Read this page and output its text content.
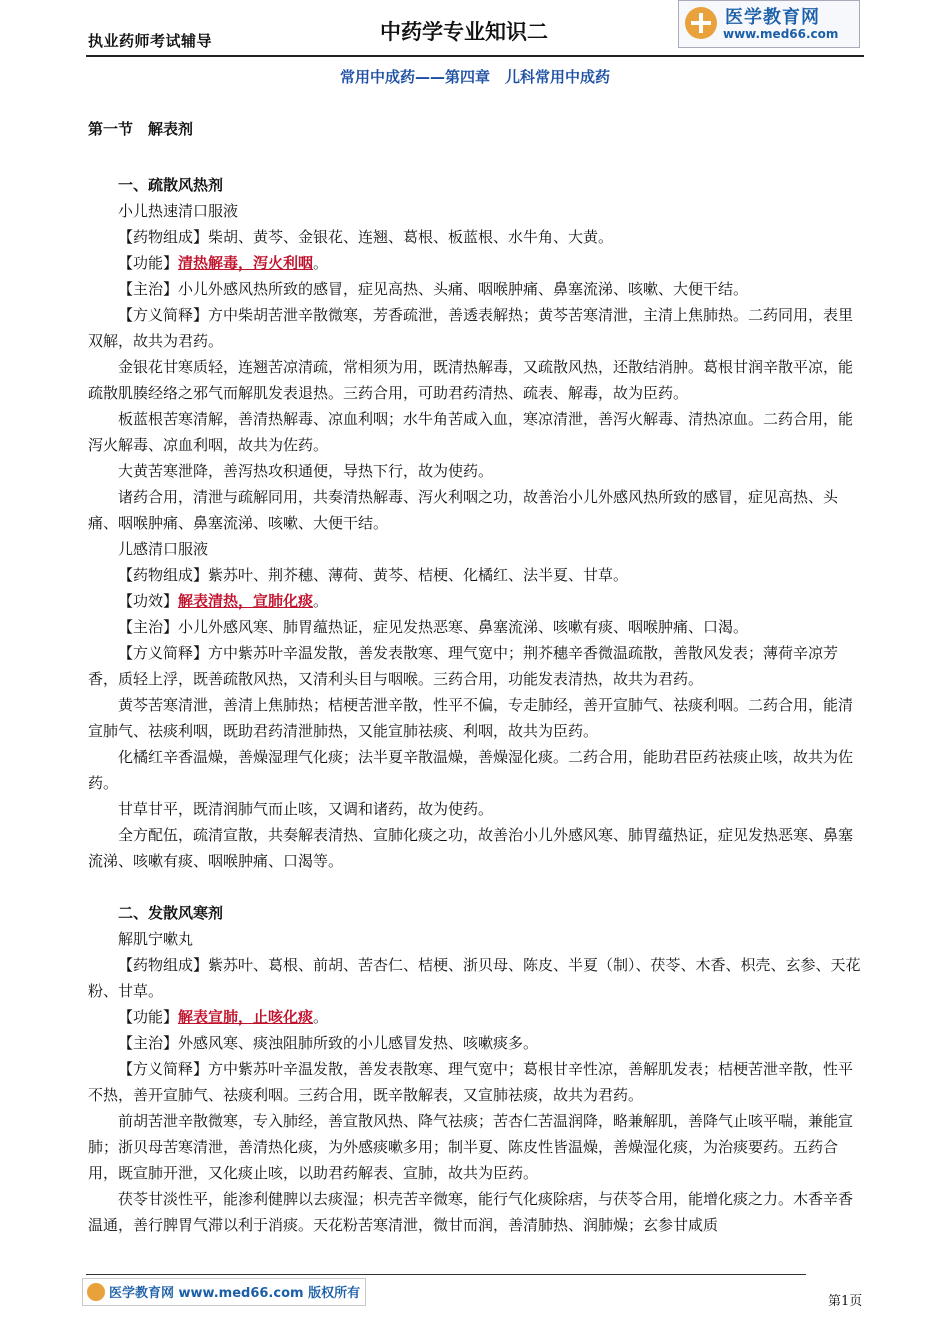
执业药师考试辅导	中药学专业知识二
医学教育网
www.med66.com
常用中成药——第四章　儿科常用中成药

第一节　解表剂

一、疏散风热剂

小儿热速清口服液

【药物组成】柴胡、黄芩、金银花、连翘、葛根、板蓝根、水牛角、大黄。

【功能】清热解毒，泻火利咽。

【主治】小儿外感风热所致的感冒，症见高热、头痛、咽喉肿痛、鼻塞流涕、咳嗽、大便干结。

【方义简释】方中柴胡苦泄辛散微寒，芳香疏泄，善透表解热；黄芩苦寒清泄，主清上焦肺热。二药同用，表里双解，故共为君药。

金银花甘寒质轻，连翘苦凉清疏，常相须为用，既清热解毒，又疏散风热，还散结消肿。葛根甘润辛散平凉，能疏散肌腠经络之邪气而解肌发表退热。三药合用，可助君药清热、疏表、解毒，故为臣药。

板蓝根苦寒清解，善清热解毒、凉血利咽；水牛角苦咸入血，寒凉清泄，善泻火解毒、清热凉血。二药合用，能泻火解毒、凉血利咽，故共为佐药。

大黄苦寒泄降，善泻热攻积通便，导热下行，故为使药。

诸药合用，清泄与疏解同用，共奏清热解毒、泻火利咽之功，故善治小儿外感风热所致的感冒，症见高热、头痛、咽喉肿痛、鼻塞流涕、咳嗽、大便干结。

儿感清口服液

【药物组成】紫苏叶、荆芥穗、薄荷、黄芩、桔梗、化橘红、法半夏、甘草。

【功效】解表清热，宣肺化痰。

【主治】小儿外感风寒、肺胃蕴热证，症见发热恶寒、鼻塞流涕、咳嗽有痰、咽喉肿痛、口渴。

【方义简释】方中紫苏叶辛温发散，善发表散寒、理气宽中；荆芥穗辛香微温疏散，善散风发表；薄荷辛凉芳香，质轻上浮，既善疏散风热，又清利头目与咽喉。三药合用，功能发表清热，故共为君药。

黄芩苦寒清泄，善清上焦肺热；桔梗苦泄辛散，性平不偏，专走肺经，善开宣肺气、祛痰利咽。二药合用，能清宣肺气、祛痰利咽，既助君药清泄肺热，又能宣肺祛痰、利咽，故共为臣药。

化橘红辛香温燥，善燥湿理气化痰；法半夏辛散温燥，善燥湿化痰。二药合用，能助君臣药祛痰止咳，故共为佐药。

甘草甘平，既清润肺气而止咳，又调和诸药，故为使药。

全方配伍，疏清宣散，共奏解表清热、宣肺化痰之功，故善治小儿外感风寒、肺胃蕴热证，症见发热恶寒、鼻塞流涕、咳嗽有痰、咽喉肿痛、口渴等。

二、发散风寒剂

解肌宁嗽丸

【药物组成】紫苏叶、葛根、前胡、苦杏仁、桔梗、浙贝母、陈皮、半夏（制）、茯苓、木香、枳壳、玄参、天花粉、甘草。

【功能】解表宣肺，止咳化痰。

【主治】外感风寒、痰浊阻肺所致的小儿感冒发热、咳嗽痰多。

【方义简释】方中紫苏叶辛温发散，善发表散寒、理气宽中；葛根甘辛性凉，善解肌发表；桔梗苦泄辛散，性平不热，善开宣肺气、祛痰利咽。三药合用，既辛散解表，又宣肺祛痰，故共为君药。

前胡苦泄辛散微寒，专入肺经，善宣散风热、降气祛痰；苦杏仁苦温润降，略兼解肌，善降气止咳平喘，兼能宣肺；浙贝母苦寒清泄，善清热化痰，为外感痰嗽多用；制半夏、陈皮性皆温燥，善燥湿化痰，为治痰要药。五药合用，既宣肺开泄，又化痰止咳，以助君药解表、宣肺，故共为臣药。

茯苓甘淡性平，能渗利健脾以去痰湿；枳壳苦辛微寒，能行气化痰除痞，与茯苓合用，能增化痰之力。木香辛香温通，善行脾胃气滞以利于消痰。天花粉苦寒清泄，微甘而润，善清肺热、润肺燥；玄参甘咸质

医学教育网 www.med66.com 版权所有
第1页
